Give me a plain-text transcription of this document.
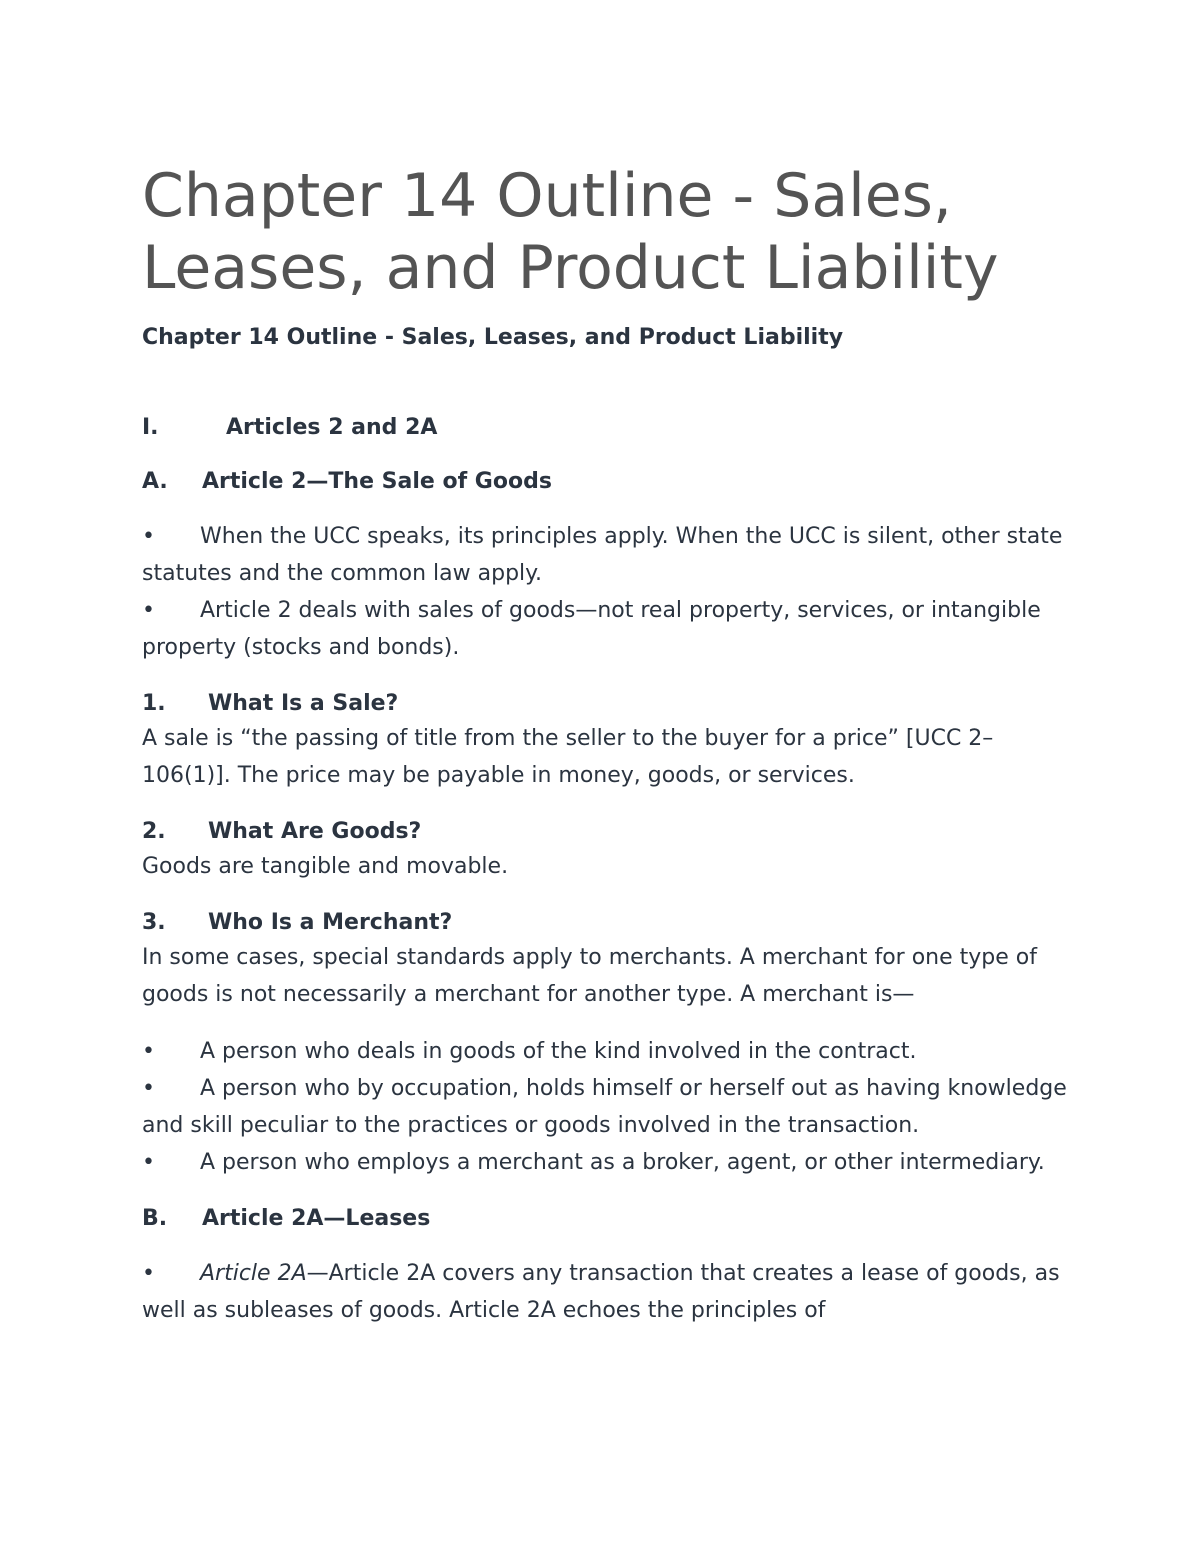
Chapter 14 Outline - Sales, Leases, and Product Liability
Chapter 14 Outline - Sales, Leases, and Product Liability
I.	Articles 2 and 2A
A.	Article 2—The Sale of Goods
• When the UCC speaks, its principles apply. When the UCC is silent, other state statutes and the common law apply.
• Article 2 deals with sales of goods—not real property, services, or intangible property (stocks and bonds).
1.	What Is a Sale?

A sale is “the passing of title from the seller to the buyer for a price” [UCC 2–106(1)]. The price may be payable in money, goods, or services.

2.	What Are Goods?

Goods are tangible and movable.

3.	Who Is a Merchant?

In some cases, special standards apply to merchants. A merchant for one type of goods is not necessarily a merchant for another type. A merchant is—

• A person who deals in goods of the kind involved in the contract.
• A person who by occupation, holds himself or herself out as having knowledge and skill peculiar to the practices or goods involved in the transaction.
• A person who employs a merchant as a broker, agent, or other intermediary.
B.	Article 2A—Leases
• Article 2A—Article 2A covers any transaction that creates a lease of goods, as well as subleases of goods. Article 2A echoes the principles of
